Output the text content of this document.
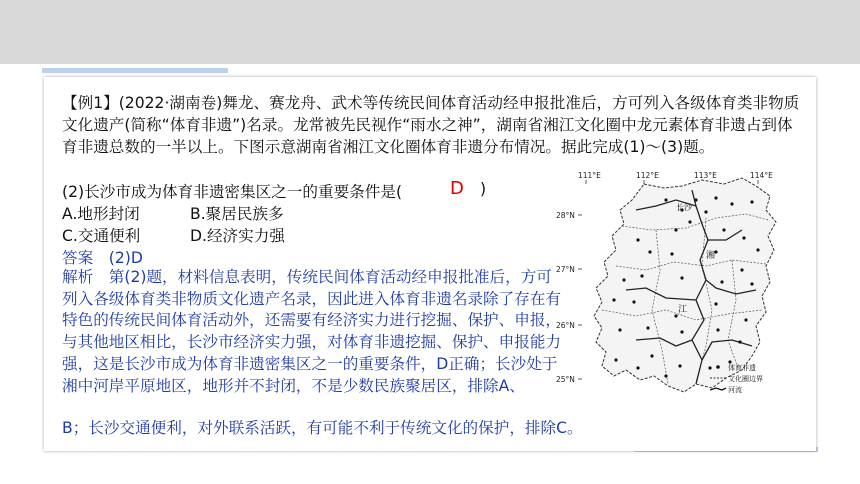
【例1】(2022·湖南卷)舞龙、赛龙舟、武术等传统民间体育活动经申报批准后，方可列入各级体育类非物质文化遗产(简称“体育非遗”)名录。龙常被先民视作“雨水之神”，湖南省湘江文化圈中龙元素体育非遗占到体育非遗总数的一半以上。下图示意湖南省湘江文化圈体育非遗分布情况。据此完成(1)～(3)题。

(2)长沙市成为体育非遗密集区之一的重要条件是(	D )
A.地形封闭	B.聚居民族多
C.交通便利	D.经济实力强
答案　(2)D
解析　第(2)题，材料信息表明，传统民间体育活动经申报批准后，方可列入各级体育类非物质文化遗产名录，因此进入体育非遗名录除了存在有特色的传统民间体育活动外，还需要有经济实力进行挖掘、保护、申报，与其他地区相比，长沙市经济实力强，对体育非遗挖掘、保护、申报能力强，这是长沙市成为体育非遗密集区之一的重要条件，D正确；长沙处于湘中河岸平原地区，地形并不封闭，不是少数民族聚居区，排除A、
B；长沙交通便利，对外联系活跃，有可能不利于传统文化的保护，排除C。
111°E	112°E	113°E	114°E
28°N
27°N
26°N
25°N
长沙
湘
江
体育非遗
文化圈边界
河流
